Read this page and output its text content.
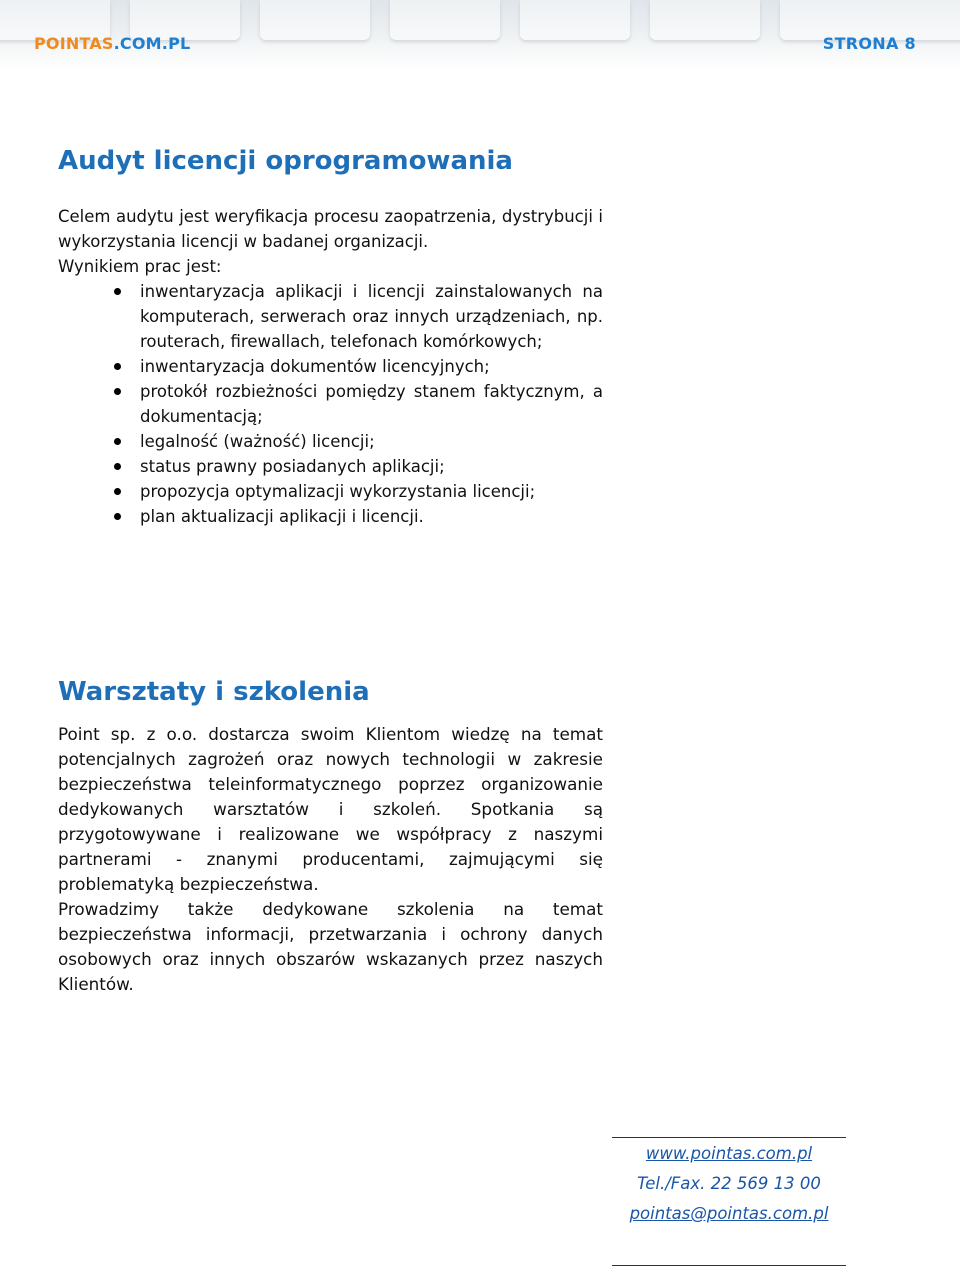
POINTAS.COM.PL	STRONA 8
Audyt licencji oprogramowania
Celem audytu jest weryfikacja procesu zaopatrzenia, dystrybucji i wykorzystania licencji w badanej organizacji.
Wynikiem prac jest:
inwentaryzacja aplikacji i licencji zainstalowanych na komputerach, serwerach oraz innych urządzeniach, np. routerach, firewallach, telefonach komórkowych;
inwentaryzacja dokumentów licencyjnych;
protokół rozbieżności pomiędzy stanem faktycznym, a dokumentacją;
legalność (ważność) licencji;
status prawny posiadanych aplikacji;
propozycja optymalizacji wykorzystania licencji;
plan aktualizacji aplikacji i licencji.
Warsztaty i szkolenia
Point sp. z o.o. dostarcza swoim Klientom wiedzę na temat potencjalnych zagrożeń oraz nowych technologii w zakresie bezpieczeństwa teleinformatycznego poprzez organizowanie dedykowanych warsztatów i szkoleń. Spotkania są przygotowywane i realizowane we współpracy z naszymi partnerami - znanymi producentami, zajmującymi się problematyką bezpieczeństwa.
Prowadzimy także dedykowane szkolenia na temat bezpieczeństwa informacji, przetwarzania i ochrony danych osobowych oraz innych obszarów wskazanych przez naszych Klientów.
www.pointas.com.pl
Tel./Fax. 22 569 13 00
pointas@pointas.com.pl
